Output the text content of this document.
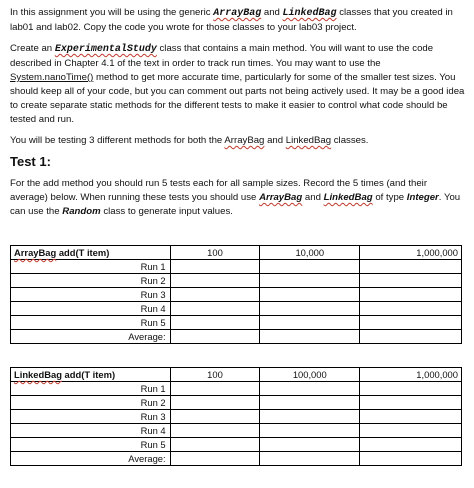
In this assignment you will be using the generic ArrayBag and LinkedBag classes that you created in lab01 and lab02. Copy the code you wrote for those classes to your lab03 project.

Create an ExperimentalStudy class that contains a main method. You will want to use the code described in Chapter 4.1 of the text in order to track run times. You may want to use the System.nanoTime() method to get more accurate time, particularly for some of the smaller test sizes. You should keep all of your code, but you can comment out parts not being actively used. It may be a good idea to create separate static methods for the different tests to make it easier to control what code should be tested and run.

You will be testing 3 different methods for both the ArrayBag and LinkedBag classes.

Test 1:

For the add method you should run 5 tests each for all sample sizes. Record the 5 times (and their average) below. When running these tests you should use ArrayBag and LinkedBag of type Integer. You can use the Random class to generate input values.

ArrayBag add(T item)	100	10,000	1,000,000
Run 1			
Run 2			
Run 3			
Run 4			
Run 5			
Average:			
LinkedBag add(T item)	100	100,000	1,000,000
Run 1			
Run 2			
Run 3			
Run 4			
Run 5			
Average:			
